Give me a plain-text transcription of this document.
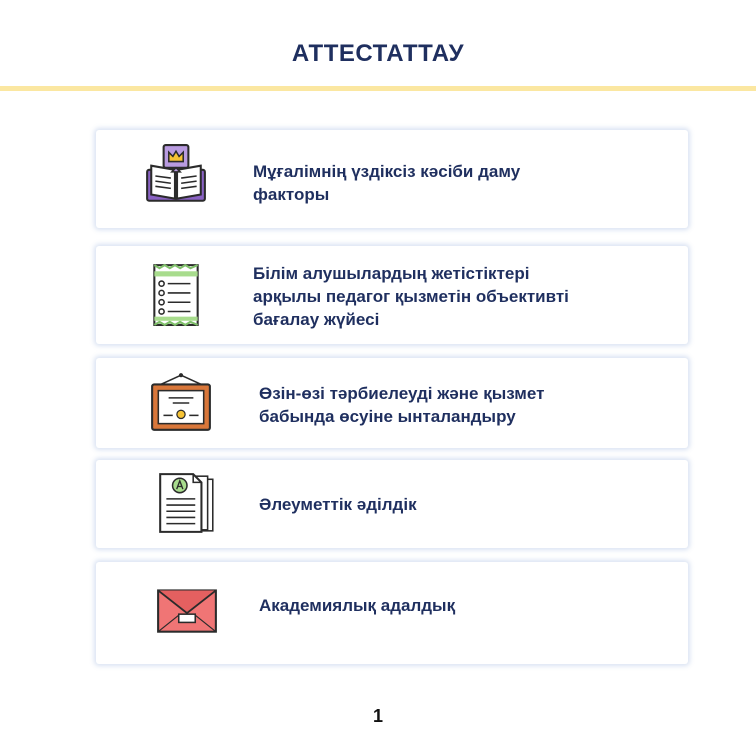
АТТЕСТАТТАУ
Мұғалімнің үздіксіз кәсіби даму
факторы
Білім алушылардың жетістіктері
арқылы педагог қызметін объективті
бағалау жүйесі
Өзін-өзі тәрбиелеуді және қызмет
бабында өсуіне ынталандыру
Әлеуметтік әділдік
Академиялық адалдық
1
